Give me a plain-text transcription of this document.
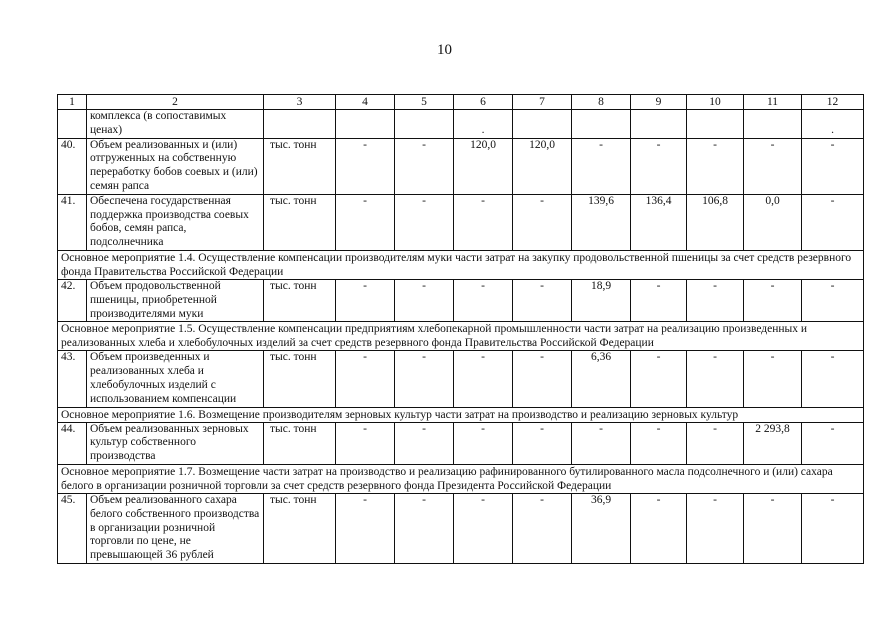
10
1	2	3	4	5	6	7	8	9	10	11	12
	комплекса (в сопоставимых ценах)				.						.
40.	Объем реализованных и (или) отгруженных на собственную переработку бобов соевых и (или) семян рапса	тыс. тонн	-	-	120,0	120,0	-	-	-	-	-
41.	Обеспечена государственная поддержка производства соевых бобов, семян рапса, подсолнечника	тыс. тонн	-	-	-	-	139,6	136,4	106,8	0,0	-
Основное мероприятие 1.4. Осуществление компенсации производителям муки части затрат на закупку продовольственной пшеницы за счет средств резервного фонда Правительства Российской Федерации											
42.	Объем продовольственной пшеницы, приобретенной производителями муки	тыс. тонн	-	-	-	-	18,9	-	-	-	-
Основное мероприятие 1.5. Осуществление компенсации предприятиям хлебопекарной промышленности части затрат на реализацию произведенных и реализованных хлеба и хлебобулочных изделий за счет средств резервного фонда Правительства Российской Федерации											
43.	Объем произведенных и реализованных хлеба и хлебобулочных изделий с использованием компенсации	тыс. тонн	-	-	-	-	6,36	-	-	-	-
Основное мероприятие 1.6. Возмещение производителям зерновых культур части затрат на производство и реализацию зерновых культур											
44.	Объем реализованных зерновых культур собственного производства	тыс. тонн	-	-	-	-	-	-	-	2 293,8	-
Основное мероприятие 1.7. Возмещение части затрат на производство и реализацию рафинированного бутилированного масла подсолнечного и (или) сахара белого в организации розничной торговли за счет средств резервного фонда Президента Российской Федерации											
45.	Объем реализованного сахара белого собственного производства в организации розничной торговли по цене, не превышающей 36 рублей	тыс. тонн	-	-	-	-	36,9	-	-	-	-
